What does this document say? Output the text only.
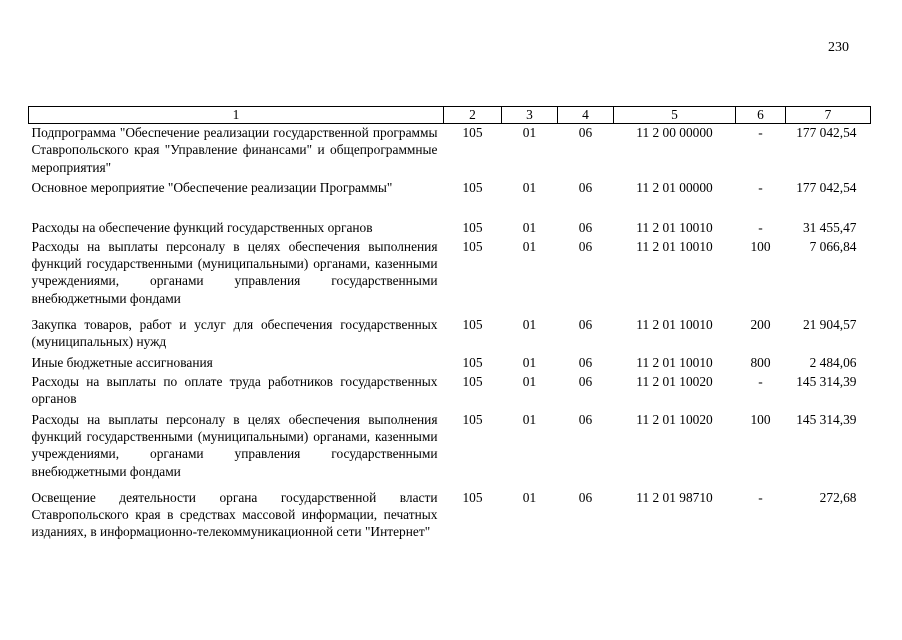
230
1	2	3	4	5	6	7
Подпрограмма "Обеспечение реализации государственной программы Ставропольского края "Управление финансами" и общепрограммные мероприятия"	105	01	06	11 2 00 00000	-	177 042,54
Основное мероприятие "Обеспечение реализации Программы"	105	01	06	11 2 01 00000	-	177 042,54
Расходы на обеспечение функций государственных органов	105	01	06	11 2 01 10010	-	31 455,47
Расходы на выплаты персоналу в целях обеспечения выполнения функций государственными (муниципальными) органами, казенными учреждениями, органами управления государственными внебюджетными фондами	105	01	06	11 2 01 10010	100	7 066,84
Закупка товаров, работ и услуг для обеспечения государственных (муниципальных) нужд	105	01	06	11 2 01 10010	200	21 904,57
Иные бюджетные ассигнования	105	01	06	11 2 01 10010	800	2 484,06
Расходы на выплаты по оплате труда работников государственных органов	105	01	06	11 2 01 10020	-	145 314,39
Расходы на выплаты персоналу в целях обеспечения выполнения функций государственными (муниципальными) органами, казенными учреждениями, органами управления государственными внебюджетными фондами	105	01	06	11 2 01 10020	100	145 314,39
Освещение деятельности органа государственной власти Ставропольского края в средствах массовой информации, печатных изданиях, в информационно-телекоммуникационной сети "Интернет"	105	01	06	11 2 01 98710	-	272,68
